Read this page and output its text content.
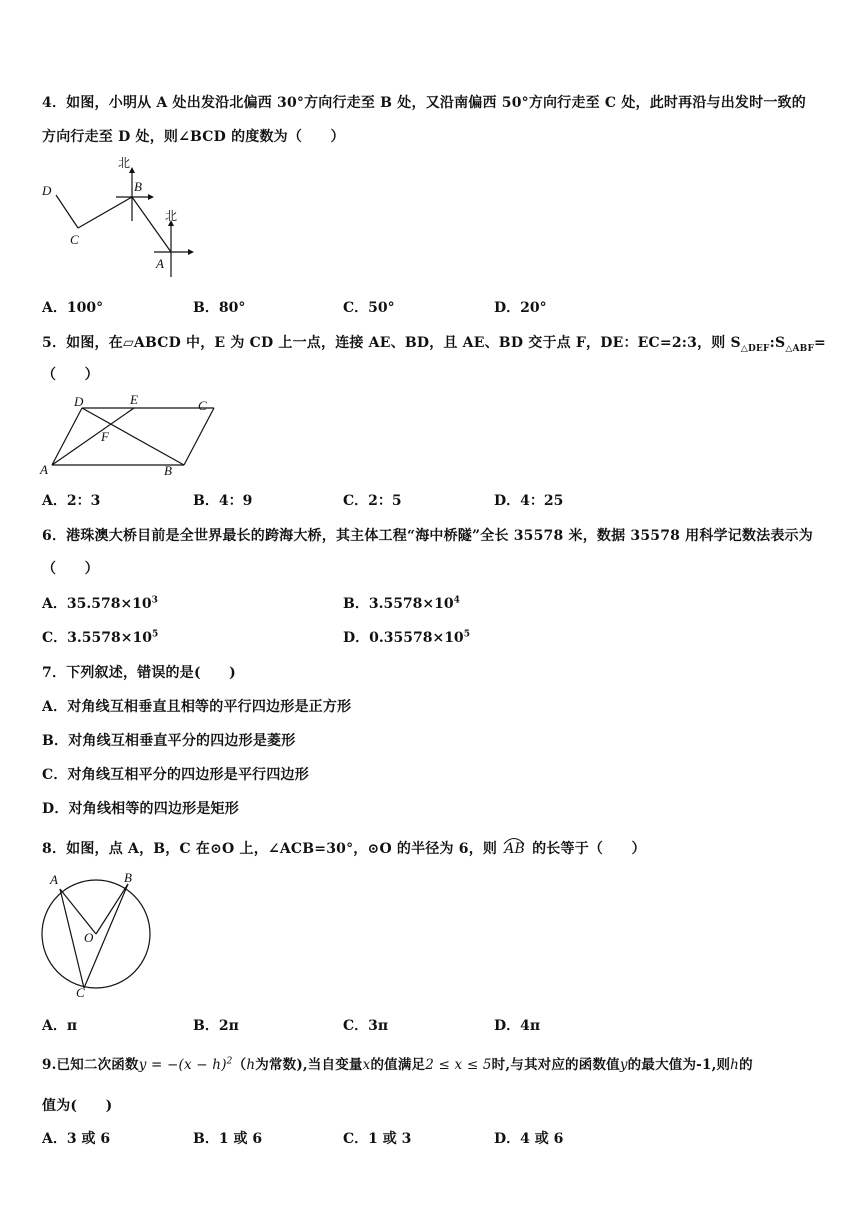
4．如图，小明从 A 处出发沿北偏西 30°方向行走至 B 处，又沿南偏西 50°方向行走至 C 处，此时再沿与出发时一致的
方向行走至 D 处，则∠BCD 的度数为（　　）
D
C
B
A
北
北
A．100°	B．80°	C．50°	D．20°
5．如图，在▱ABCD 中，E 为 CD 上一点，连接 AE、BD，且 AE、BD 交于点 F，DE：EC=2:3，则 $S_{\triangle DEF}:S_{\triangle ABF}=$
（　　）
D	E	C
F
A	B
A．2：3	B．4：9	C．2：5	D．4：25
6．港珠澳大桥目前是全世界最长的跨海大桥，其主体工程“海中桥隧”全长 35578 米，数据 35578 用科学记数法表示为
（　　）
A．$35.578\times 10^3$	B．$3.5578\times 10^4$
C．$3.5578\times 10^5$	D．$0.35578\times 10^5$
7．下列叙述，错误的是(　　)
A．对角线互相垂直且相等的平行四边形是正方形
B．对角线互相垂直平分的四边形是菱形
C．对角线互相平分的四边形是平行四边形
D．对角线相等的四边形是矩形
8．如图，点 A，B，C 在⊙O 上，∠ACB=30°，⊙O 的半径为 6，则 AB 的长等于（　　）
A	B
O
C
A．π	B．2π	C．3π	D．4π
9.已知二次函数$y = -(x - h)^2(h$为常数),当自变量x的值满足2 ≤ x ≤ 5时,与其对应的函数值y的最大值为-1,则h的
值为(　　)
A．3 或 6	B．1 或 6	C．1 或 3	D．4 或 6
